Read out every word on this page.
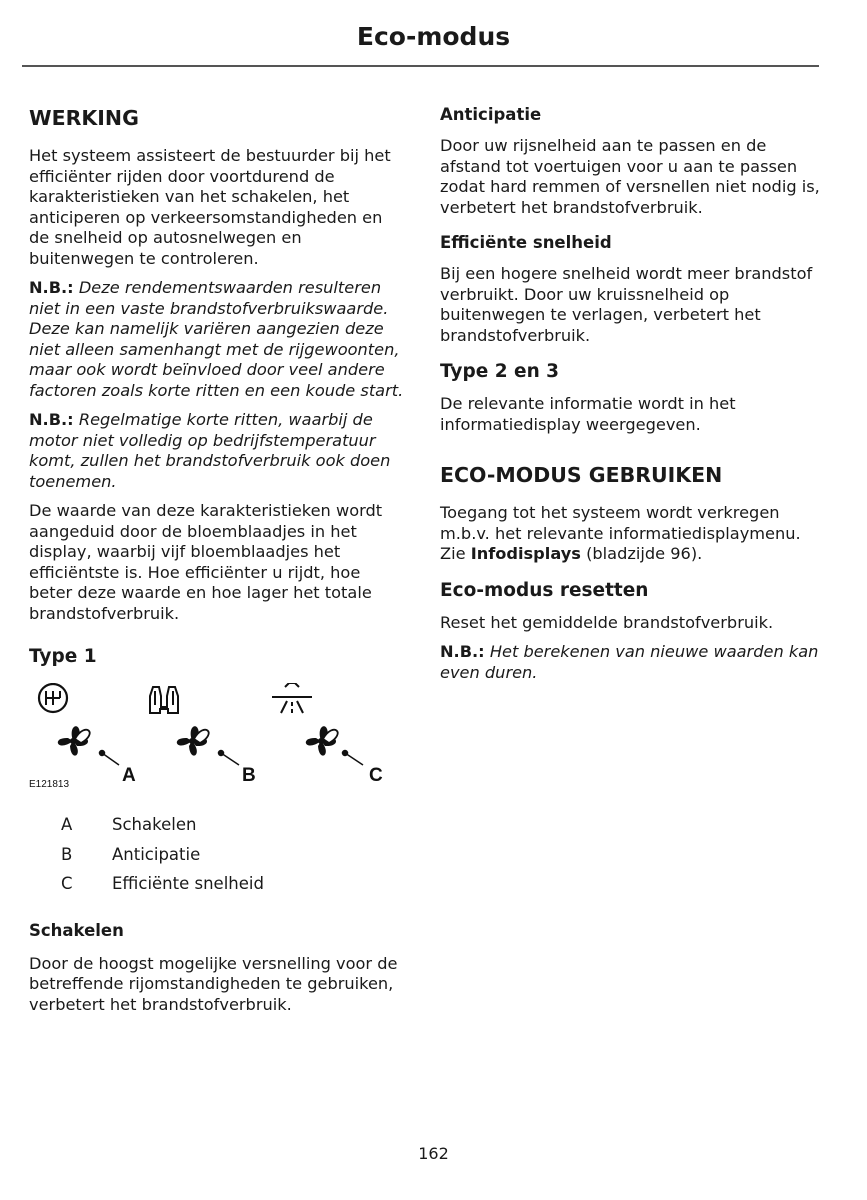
Eco-modus
WERKING

Het systeem assisteert de bestuurder bij het efficiënter rijden door voortdurend de karakteristieken van het schakelen, het anticiperen op verkeersomstandigheden en de snelheid op autosnelwegen en buitenwegen te controleren.

N.B.: Deze rendementswaarden resulteren niet in een vaste brandstofverbruikswaarde. Deze kan namelijk variëren aangezien deze niet alleen samenhangt met de rijgewoonten, maar ook wordt beïnvloed door veel andere factoren zoals korte ritten en een koude start.

N.B.: Regelmatige korte ritten, waarbij de motor niet volledig op bedrijfstemperatuur komt, zullen het brandstofverbruik ook doen toenemen.

De waarde van deze karakteristieken wordt aangeduid door de bloemblaadjes in het display, waarbij vijf bloemblaadjes het efficiëntste is. Hoe efficiënter u rijdt, hoe beter deze waarde en hoe lager het totale brandstofverbruik.

Type 1
E121813	A	B	C
A Schakelen
B Anticipatie
C Efficiënte snelheid
Schakelen

Door de hoogst mogelijke versnelling voor de betreffende rijomstandigheden te gebruiken, verbetert het brandstofverbruik.

Anticipatie

Door uw rijsnelheid aan te passen en de afstand tot voertuigen voor u aan te passen zodat hard remmen of versnellen niet nodig is, verbetert het brandstofverbruik.

Efficiënte snelheid

Bij een hogere snelheid wordt meer brandstof verbruikt. Door uw kruissnelheid op buitenwegen te verlagen, verbetert het brandstofverbruik.

Type 2 en 3

De relevante informatie wordt in het informatiedisplay weergegeven.

ECO-MODUS GEBRUIKEN

Toegang tot het systeem wordt verkregen m.b.v. het relevante informatiedisplaymenu. Zie Infodisplays (bladzijde 96).

Eco-modus resetten

Reset het gemiddelde brandstofverbruik.

N.B.: Het berekenen van nieuwe waarden kan even duren.

162
